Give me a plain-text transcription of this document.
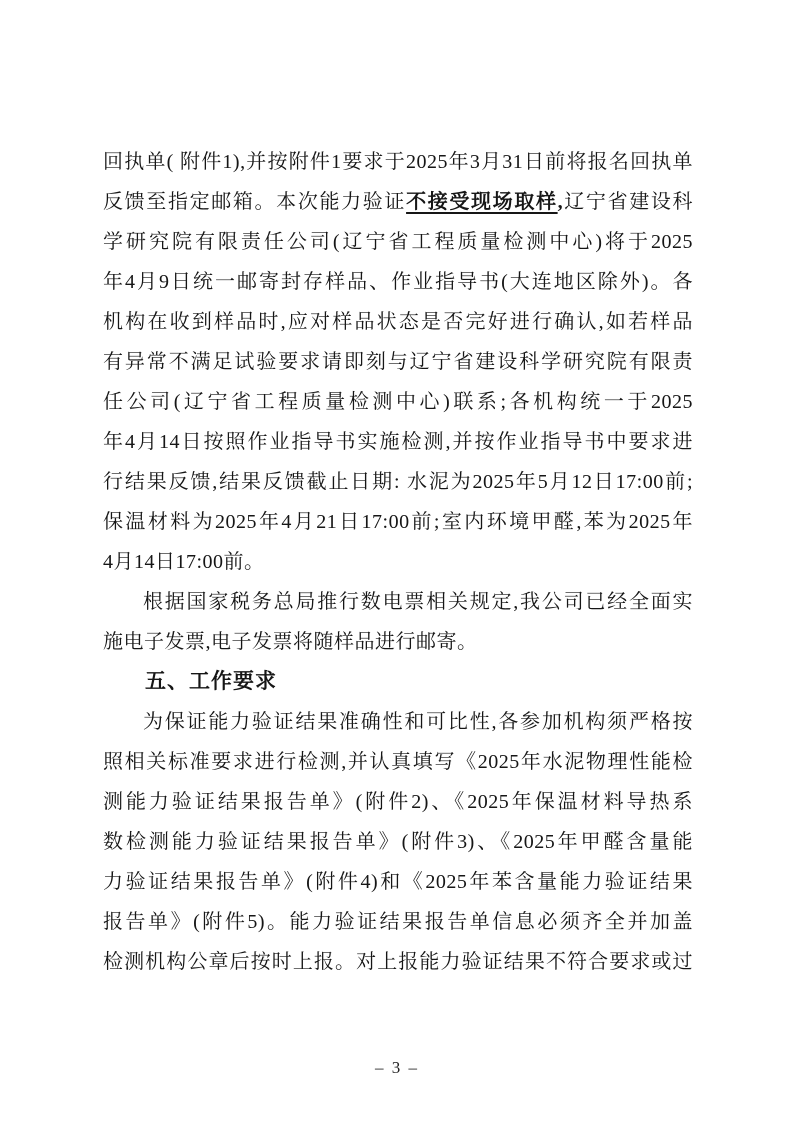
回执单( 附件1),并按附件1要求于2025年3月31日前将报名回执单
反馈至指定邮箱。本次能力验证不接受现场取样,辽宁省建设科
学研究院有限责任公司(辽宁省工程质量检测中心)将于2025
年4月9日统一邮寄封存样品、作业指导书(大连地区除外)。各
机构在收到样品时,应对样品状态是否完好进行确认,如若样品
有异常不满足试验要求请即刻与辽宁省建设科学研究院有限责
任公司(辽宁省工程质量检测中心)联系;各机构统一于2025
年4月14日按照作业指导书实施检测,并按作业指导书中要求进
行结果反馈,结果反馈截止日期: 水泥为2025年5月12日17:00前;
保温材料为2025年4月21日17:00前;室内环境甲醛,苯为2025年
4月14日17:00前。
根据国家税务总局推行数电票相关规定,我公司已经全面实
施电子发票,电子发票将随样品进行邮寄。
五、工作要求
为保证能力验证结果准确性和可比性,各参加机构须严格按
照相关标准要求进行检测,并认真填写《2025年水泥物理性能检
测能力验证结果报告单》(附件2)、《2025年保温材料导热系
数检测能力验证结果报告单》(附件3)、《2025年甲醛含量能
力验证结果报告单》(附件4)和《2025年苯含量能力验证结果
报告单》(附件5)。能力验证结果报告单信息必须齐全并加盖
检测机构公章后按时上报。对上报能力验证结果不符合要求或过
– 3 –
